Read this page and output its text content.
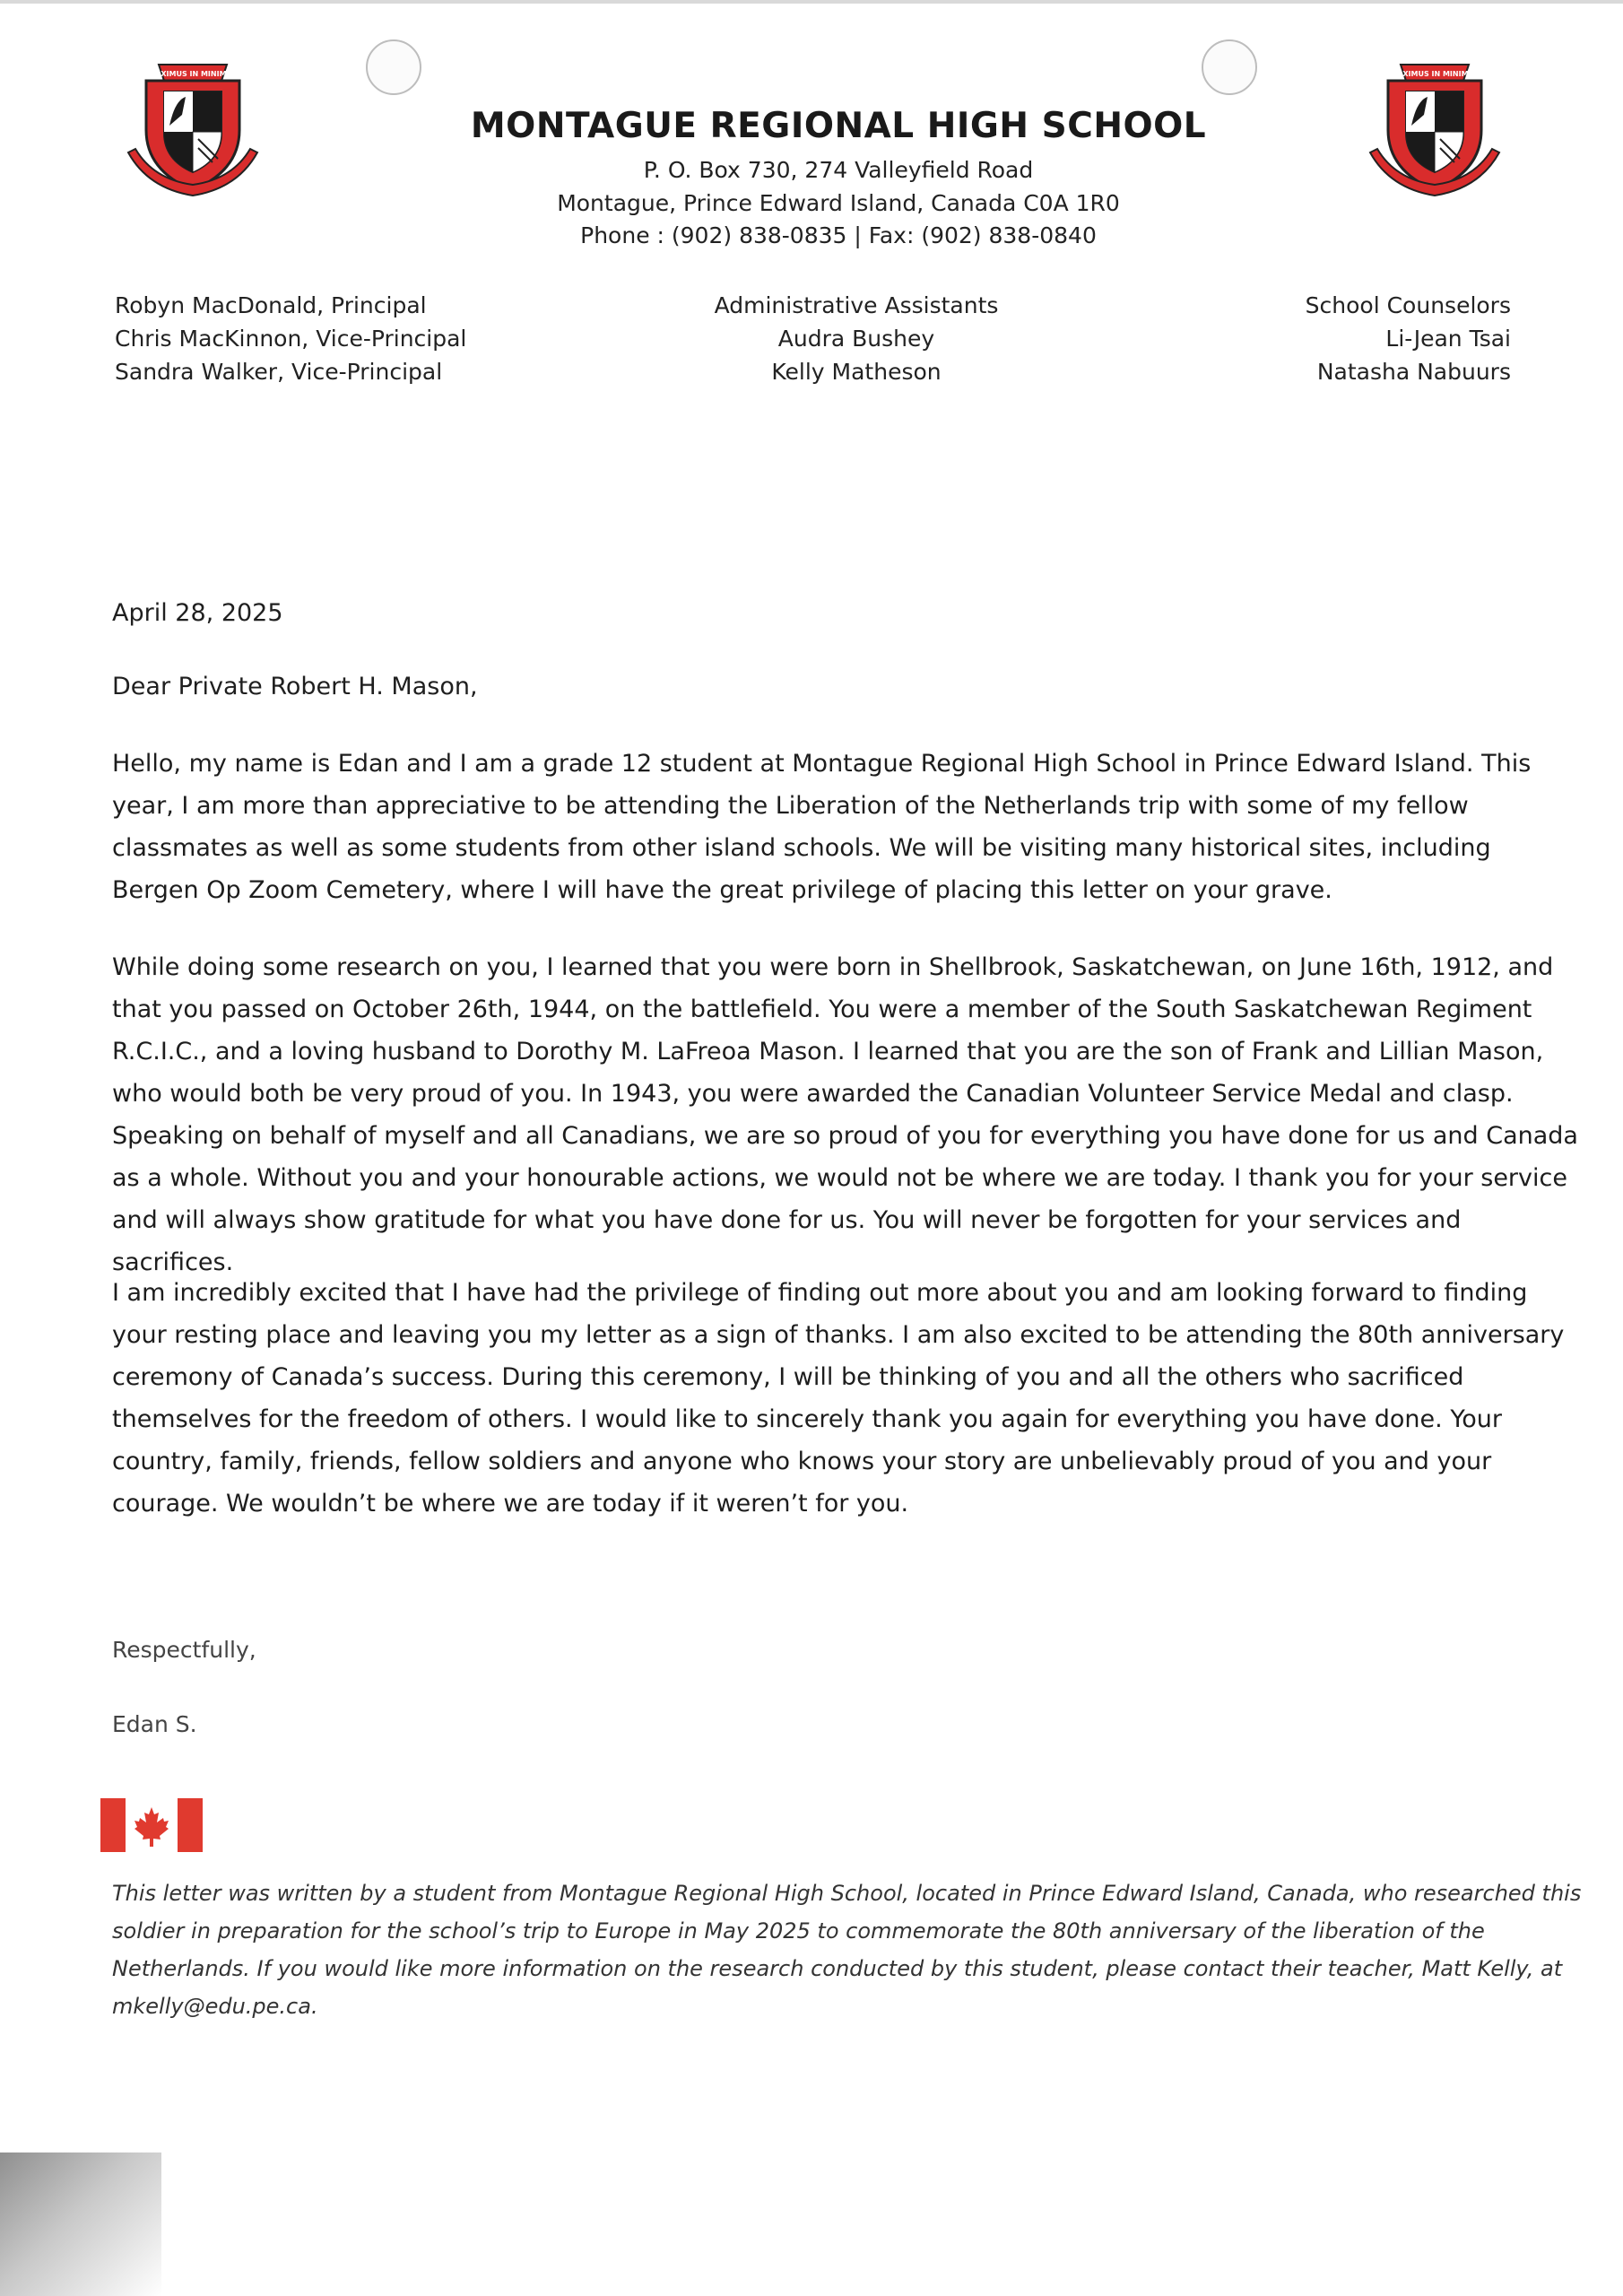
MAXIMUS IN MINIMUS	MAXIMUS IN MINIMUS
MONTAGUE REGIONAL HIGH SCHOOL
P. O. Box 730, 274 Valleyfield Road
Montague, Prince Edward Island, Canada C0A 1R0
Phone : (902) 838-0835 | Fax: (902) 838-0840
Robyn MacDonald, Principal
Chris MacKinnon, Vice-Principal
Sandra Walker, Vice-Principal
Administrative Assistants
Audra Bushey
Kelly Matheson
School Counselors
Li-Jean Tsai
Natasha Nabuurs
April 28, 2025
Dear Private Robert H. Mason,
Hello, my name is Edan and I am a grade 12 student at Montague Regional High School in Prince Edward Island. This year, I am more than appreciative to be attending the Liberation of the Netherlands trip with some of my fellow classmates as well as some students from other island schools. We will be visiting many historical sites, including Bergen Op Zoom Cemetery, where I will have the great privilege of placing this letter on your grave.
While doing some research on you, I learned that you were born in Shellbrook, Saskatchewan, on June 16th, 1912, and that you passed on October 26th, 1944, on the battlefield. You were a member of the South Saskatchewan Regiment R.C.I.C., and a loving husband to Dorothy M. LaFreoa Mason. I learned that you are the son of Frank and Lillian Mason, who would both be very proud of you. In 1943, you were awarded the Canadian Volunteer Service Medal and clasp. Speaking on behalf of myself and all Canadians, we are so proud of you for everything you have done for us and Canada as a whole. Without you and your honourable actions, we would not be where we are today. I thank you for your service and will always show gratitude for what you have done for us. You will never be forgotten for your services and sacrifices.
I am incredibly excited that I have had the privilege of finding out more about you and am looking forward to finding your resting place and leaving you my letter as a sign of thanks. I am also excited to be attending the 80th anniversary ceremony of Canada’s success. During this ceremony, I will be thinking of you and all the others who sacrificed themselves for the freedom of others. I would like to sincerely thank you again for everything you have done. Your country, family, friends, fellow soldiers and anyone who knows your story are unbelievably proud of you and your courage. We wouldn’t be where we are today if it weren’t for you.
Respectfully,
Edan S.
This letter was written by a student from Montague Regional High School, located in Prince Edward Island, Canada, who researched this soldier in preparation for the school’s trip to Europe in May 2025 to commemorate the 80th anniversary of the liberation of the Netherlands. If you would like more information on the research conducted by this student, please contact their teacher, Matt Kelly, at mkelly@edu.pe.ca.
